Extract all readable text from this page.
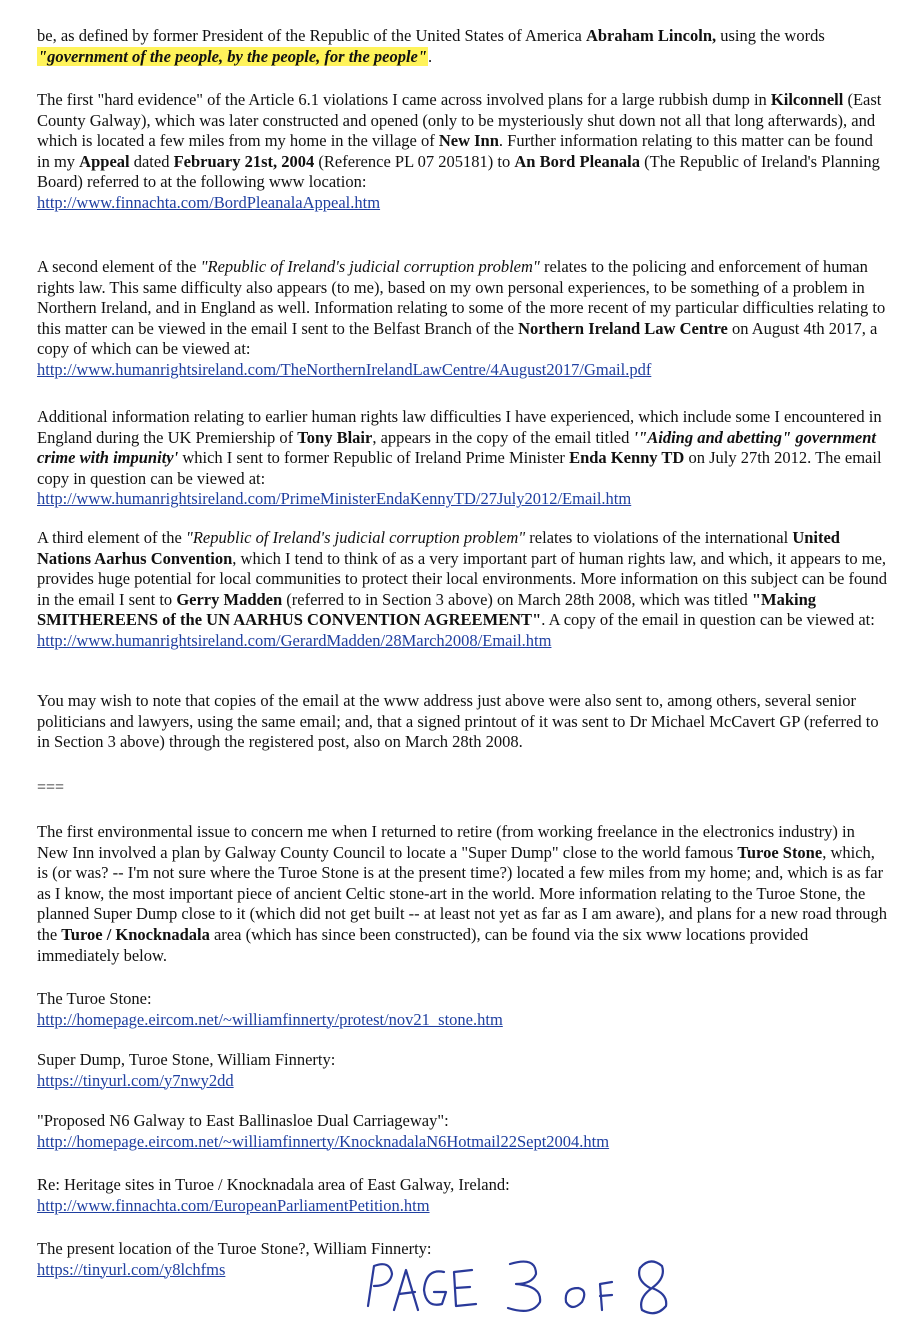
be, as defined by former President of the Republic of the United States of America Abraham Lincoln, using the words "government of the people, by the people, for the people".

The first "hard evidence" of the Article 6.1 violations I came across involved plans for a large rubbish dump in Kilconnell (East County Galway), which was later constructed and opened (only to be mysteriously shut down not all that long afterwards), and which is located a few miles from my home in the village of New Inn. Further information relating to this matter can be found in my Appeal dated February 21st, 2004 (Reference PL 07 205181) to An Bord Pleanala (The Republic of Ireland's Planning Board) referred to at the following www location:

http://www.finnachta.com/BordPleanalaAppeal.htm

A second element of the "Republic of Ireland's judicial corruption problem" relates to the policing and enforcement of human rights law. This same difficulty also appears (to me), based on my own personal experiences, to be something of a problem in Northern Ireland, and in England as well. Information relating to some of the more recent of my particular difficulties relating to this matter can be viewed in the email I sent to the Belfast Branch of the Northern Ireland Law Centre on August 4th 2017, a copy of which can be viewed at:

http://www.humanrightsireland.com/TheNorthernIrelandLawCentre/4August2017/Gmail.pdf

Additional information relating to earlier human rights law difficulties I have experienced, which include some I encountered in England during the UK Premiership of Tony Blair, appears in the copy of the email titled '"Aiding and abetting" government crime with impunity' which I sent to former Republic of Ireland Prime Minister Enda Kenny TD on July 27th 2012. The email copy in question can be viewed at:

http://www.humanrightsireland.com/PrimeMinisterEndaKennyTD/27July2012/Email.htm

A third element of the "Republic of Ireland's judicial corruption problem" relates to violations of the international United Nations Aarhus Convention, which I tend to think of as a very important part of human rights law, and which, it appears to me, provides huge potential for local communities to protect their local environments. More information on this subject can be found in the email I sent to Gerry Madden (referred to in Section 3 above) on March 28th 2008, which was titled "Making SMITHEREENS of the UN AARHUS CONVENTION AGREEMENT". A copy of the email in question can be viewed at:

http://www.humanrightsireland.com/GerardMadden/28March2008/Email.htm

You may wish to note that copies of the email at the www address just above were also sent to, among others, several senior politicians and lawyers, using the same email; and, that a signed printout of it was sent to Dr Michael McCavert GP (referred to in Section 3 above) through the registered post, also on March 28th 2008.

===

The first environmental issue to concern me when I returned to retire (from working freelance in the electronics industry) in New Inn involved a plan by Galway County Council to locate a "Super Dump" close to the world famous Turoe Stone, which, is (or was? -- I'm not sure where the Turoe Stone is at the present time?) located a few miles from my home; and, which is as far as I know, the most important piece of ancient Celtic stone-art in the world. More information relating to the Turoe Stone, the planned Super Dump close to it (which did not get built -- at least not yet as far as I am aware), and plans for a new road through the Turoe / Knocknadala area (which has since been constructed), can be found via the six www locations provided immediately below.

The Turoe Stone:

http://homepage.eircom.net/~williamfinnerty/protest/nov21_stone.htm

Super Dump, Turoe Stone, William Finnerty:

https://tinyurl.com/y7nwy2dd

"Proposed N6 Galway to East Ballinasloe Dual Carriageway":

http://homepage.eircom.net/~williamfinnerty/KnocknadalaN6Hotmail22Sept2004.htm

Re: Heritage sites in Turoe / Knocknadala area of East Galway, Ireland:

http://www.finnachta.com/EuropeanParliamentPetition.htm

The present location of the Turoe Stone?, William Finnerty:

https://tinyurl.com/y8lchfms
